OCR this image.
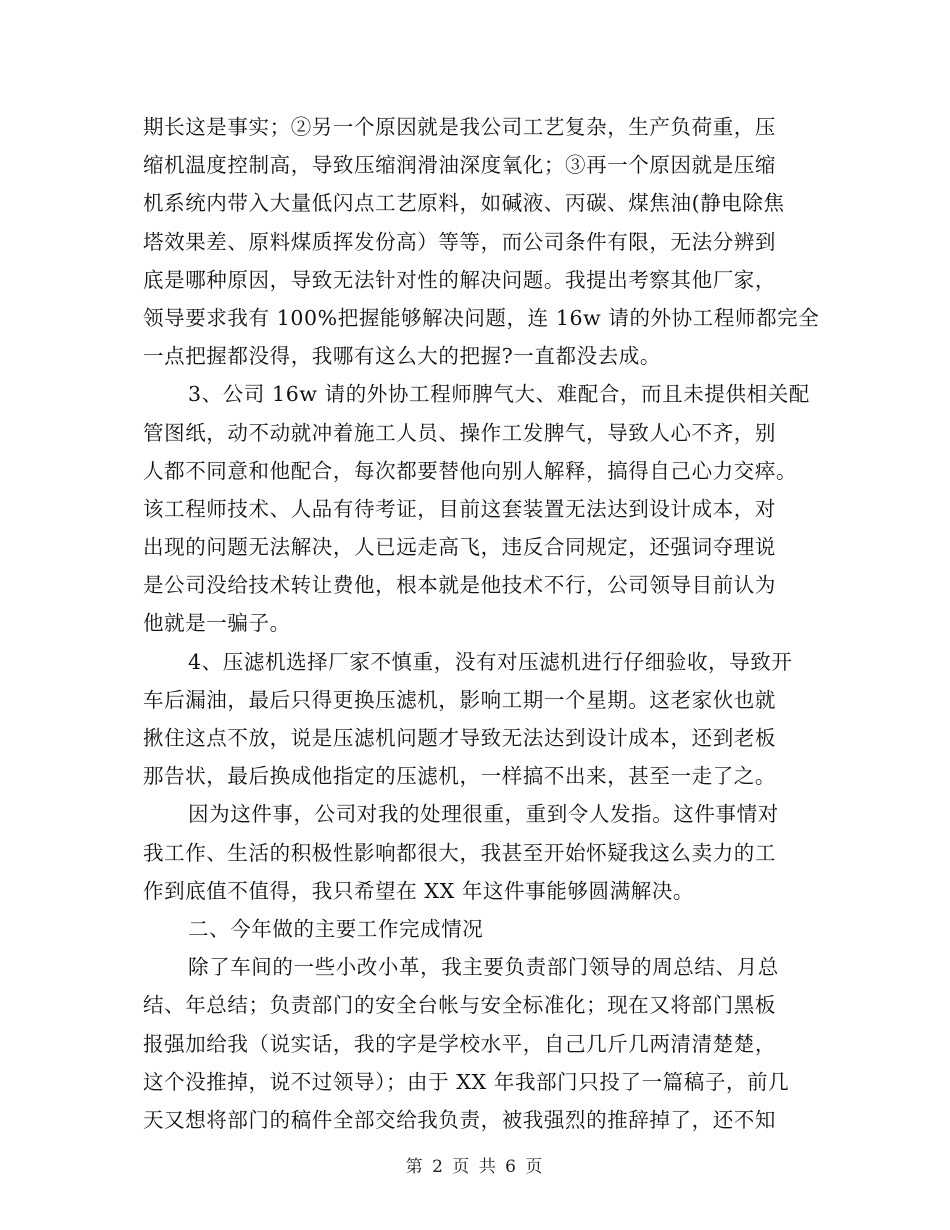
期长这是事实；②另一个原因就是我公司工艺复杂，生产负荷重，压
缩机温度控制高，导致压缩润滑油深度氧化；③再一个原因就是压缩
机系统内带入大量低闪点工艺原料，如碱液、丙碳、煤焦油(静电除焦
塔效果差、原料煤质挥发份高）等等，而公司条件有限，无法分辨到
底是哪种原因，导致无法针对性的解决问题。我提出考察其他厂家，
领导要求我有 100%把握能够解决问题，连 16w 请的外协工程师都完全
一点把握都没得，我哪有这么大的把握?一直都没去成。
3、公司 16w 请的外协工程师脾气大、难配合，而且未提供相关配
管图纸，动不动就冲着施工人员、操作工发脾气，导致人心不齐，别
人都不同意和他配合，每次都要替他向别人解释，搞得自己心力交瘁。
该工程师技术、人品有待考证，目前这套装置无法达到设计成本，对
出现的问题无法解决，人已远走高飞，违反合同规定，还强词夺理说
是公司没给技术转让费他，根本就是他技术不行，公司领导目前认为
他就是一骗子。
4、压滤机选择厂家不慎重，没有对压滤机进行仔细验收，导致开
车后漏油，最后只得更换压滤机，影响工期一个星期。这老家伙也就
揪住这点不放，说是压滤机问题才导致无法达到设计成本，还到老板
那告状，最后换成他指定的压滤机，一样搞不出来，甚至一走了之。
因为这件事，公司对我的处理很重，重到令人发指。这件事情对
我工作、生活的积极性影响都很大，我甚至开始怀疑我这么卖力的工
作到底值不值得，我只希望在 XX 年这件事能够圆满解决。
二、今年做的主要工作完成情况
除了车间的一些小改小革，我主要负责部门领导的周总结、月总
结、年总结；负责部门的安全台帐与安全标准化；现在又将部门黑板
报强加给我（说实话，我的字是学校水平，自己几斤几两清清楚楚，
这个没推掉，说不过领导）；由于 XX 年我部门只投了一篇稿子，前几
天又想将部门的稿件全部交给我负责，被我强烈的推辞掉了，还不知
第 2 页 共 6 页
